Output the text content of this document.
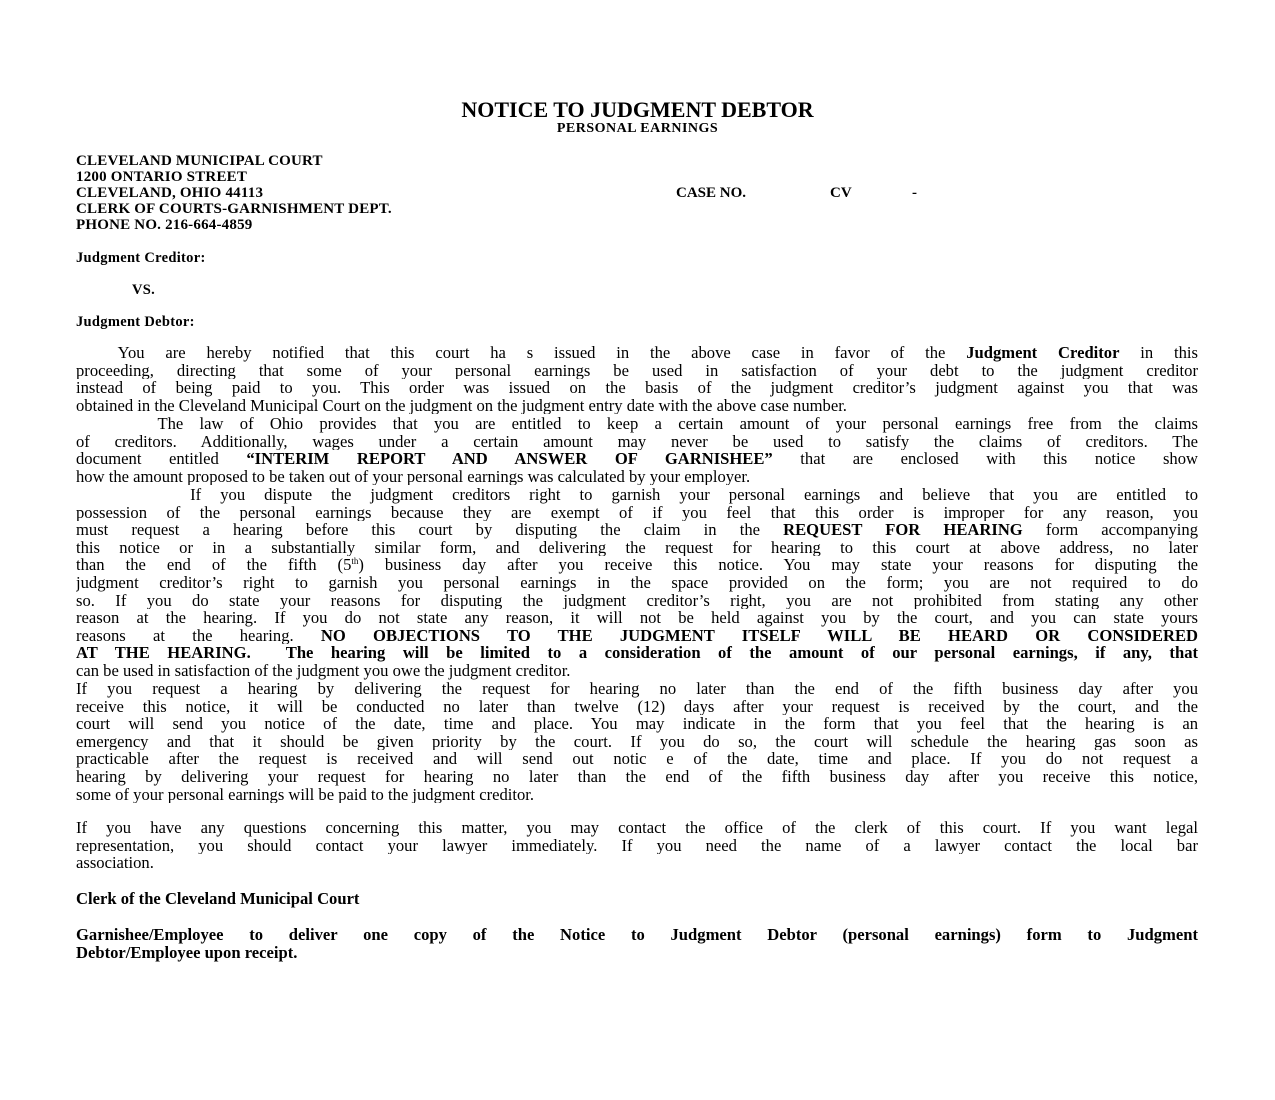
NOTICE TO JUDGMENT DEBTOR
PERSONAL EARNINGS
CLEVELAND MUNICIPAL COURT
1200 ONTARIO STREET
CLEVELAND, OHIO 44113
CLERK OF COURTS-GARNISHMENT DEPT.
PHONE NO. 216-664-4859
CASE NO.	CV	-
Judgment Creditor:
VS.
Judgment Debtor:
You are hereby notified that this court ha s issued in the above case in favor of the Judgment Creditor in this
proceeding, directing that some of your personal earnings be used in satisfaction of your debt to the judgment creditor
instead of being paid to you. This order was issued on the basis of the judgment creditor’s judgment against you that was
obtained in the Cleveland Municipal Court on the judgment on the judgment entry date with the above case number.
The law of Ohio provides that you are entitled to keep a certain amount of your personal earnings free from the claims
of creditors. Additionally, wages under a certain amount may never be used to satisfy the claims of creditors. The
document entitled “INTERIM REPORT AND ANSWER OF GARNISHEE” that are enclosed with this notice show
how the amount proposed to be taken out of your personal earnings was calculated by your employer.
If you dispute the judgment creditors right to garnish your personal earnings and believe that you are entitled to
possession of the personal earnings because they are exempt of if you feel that this order is improper for any reason, you
must request a hearing before this court by disputing the claim in the REQUEST FOR HEARING form accompanying
this notice or in a substantially similar form, and delivering the request for hearing to this court at above address, no later
than the end of the fifth (5th) business day after you receive this notice. You may state your reasons for disputing the
judgment creditor’s right to garnish you personal earnings in the space provided on the form; you are not required to do
so. If you do state your reasons for disputing the judgment creditor’s right, you are not prohibited from stating any other
reason at the hearing. If you do not state any reason, it will not be held against you by the court, and you can state yours
reasons at the hearing. NO OBJECTIONS TO THE JUDGMENT ITSELF WILL BE HEARD OR CONSIDERED
AT THE HEARING.  The hearing will be limited to a consideration of the amount of our personal earnings, if any, that
can be used in satisfaction of the judgment you owe the judgment creditor.
If you request a hearing by delivering the request for hearing no later than the end of the fifth business day after you
receive this notice, it will be conducted no later than twelve (12) days after your request is received by the court, and the
court will send you notice of the date, time and place. You may indicate in the form that you feel that the hearing is an
emergency and that it should be given priority by the court. If you do so, the court will schedule the hearing gas soon as
practicable after the request is received and will send out notic e of the date, time and place. If you do not request a
hearing by delivering your request for hearing no later than the end of the fifth business day after you receive this notice,
some of your personal earnings will be paid to the judgment creditor.
If you have any questions concerning this matter, you may contact the office of the clerk of this court. If you want legal
representation, you should contact your lawyer immediately. If you need the name of a lawyer contact the local bar
association.
Clerk of the Cleveland Municipal Court
Garnishee/Employee to deliver one copy of the Notice to Judgment Debtor (personal earnings) form to Judgment
Debtor/Employee upon receipt.
